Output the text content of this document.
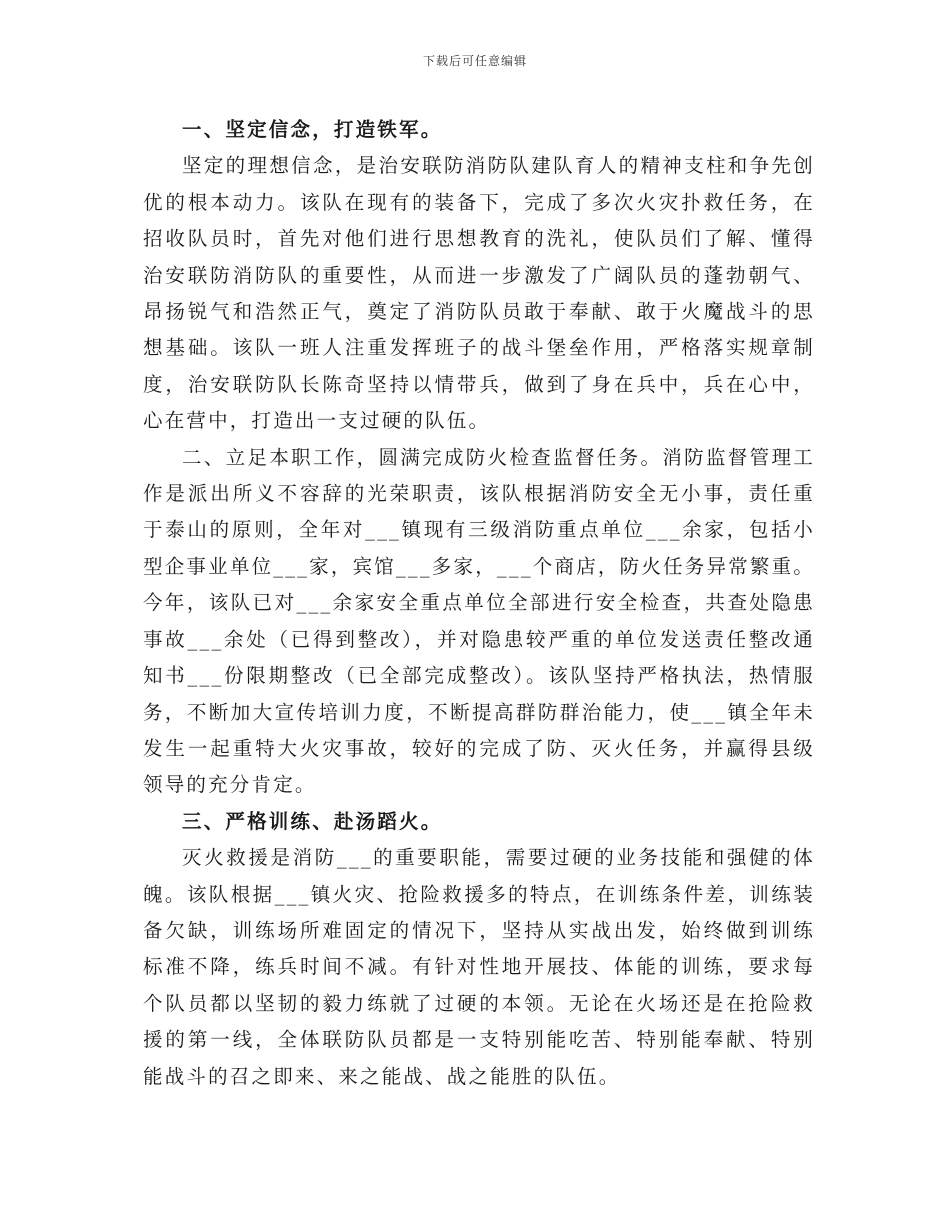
下载后可任意编辑

一、坚定信念，打造铁军。

坚定的理想信念，是治安联防消防队建队育人的精神支柱和争先创优的根本动力。该队在现有的装备下，完成了多次火灾扑救任务，在招收队员时，首先对他们进行思想教育的洗礼，使队员们了解、懂得治安联防消防队的重要性，从而进一步激发了广阔队员的蓬勃朝气、昂扬锐气和浩然正气，奠定了消防队员敢于奉献、敢于火魔战斗的思想基础。该队一班人注重发挥班子的战斗堡垒作用，严格落实规章制度，治安联防队长陈奇坚持以情带兵，做到了身在兵中，兵在心中，心在营中，打造出一支过硬的队伍。

二、立足本职工作，圆满完成防火检查监督任务。消防监督管理工作是派出所义不容辞的光荣职责，该队根据消防安全无小事，责任重于泰山的原则，全年对___镇现有三级消防重点单位___余家，包括小型企事业单位___家，宾馆___多家，___个商店，防火任务异常繁重。今年，该队已对___余家安全重点单位全部进行安全检查，共查处隐患事故___余处（已得到整改），并对隐患较严重的单位发送责任整改通知书___份限期整改（已全部完成整改）。该队坚持严格执法，热情服务，不断加大宣传培训力度，不断提高群防群治能力，使___镇全年未发生一起重特大火灾事故，较好的完成了防、灭火任务，并赢得县级领导的充分肯定。

三、严格训练、赴汤蹈火。

灭火救援是消防___的重要职能，需要过硬的业务技能和强健的体魄。该队根据___镇火灾、抢险救援多的特点，在训练条件差，训练装备欠缺，训练场所难固定的情况下，坚持从实战出发，始终做到训练标准不降，练兵时间不减。有针对性地开展技、体能的训练，要求每个队员都以坚韧的毅力练就了过硬的本领。无论在火场还是在抢险救援的第一线，全体联防队员都是一支特别能吃苦、特别能奉献、特别能战斗的召之即来、来之能战、战之能胜的队伍。
